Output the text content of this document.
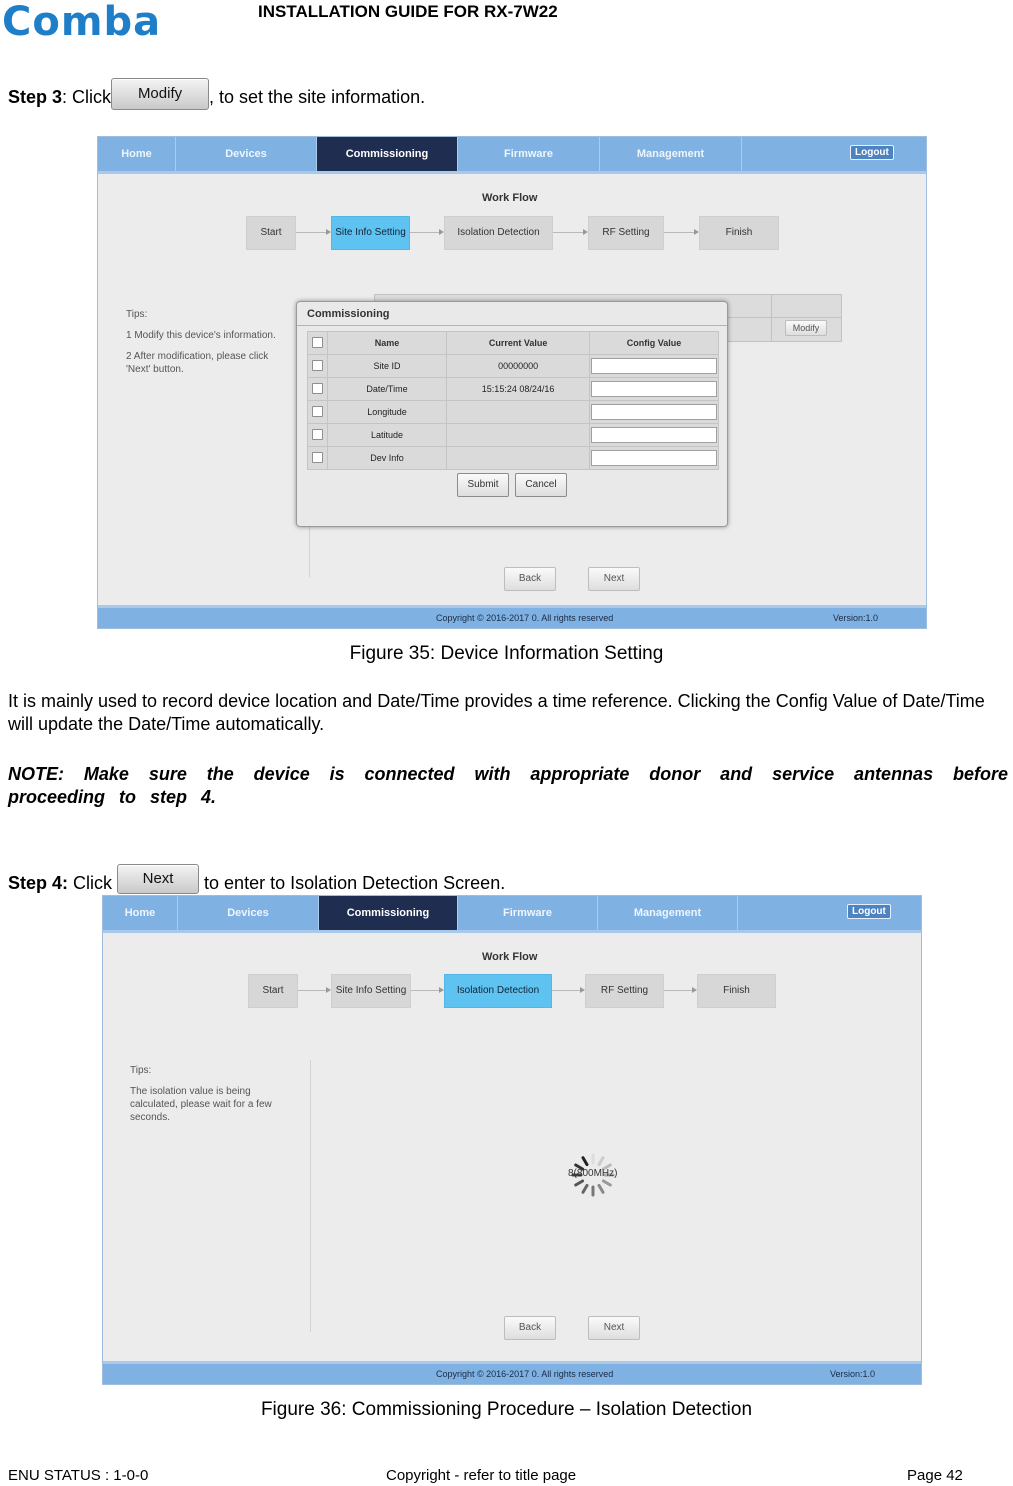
Comba	INSTALLATION GUIDE FOR RX-7W22
Step 3: Click Modify , to set the site information.
Home	Devices	Commissioning	Firmware	Management	Logout
Work Flow
Start	Site Info Setting	Isolation Detection	RF Setting	Finish
Tips:
1 Modify this device's information.
2 After modification, please click
'Next' button.
Modify
Commissioning
	Name	Current Value	Config Value
	Site ID	00000000	

	Date/Time	15:15:24 08/24/16	

	Longitude		

	Latitude		

	Dev Info		
Submit	Cancel
Back	Next
Copyright © 2016-2017 0. All rights reserved	Version:1.0
Figure 35: Device Information Setting
It is mainly used to record device location and Date/Time provides a time reference. Clicking the Config Value of Date/Time will update the Date/Time automatically.
NOTE: Make sure the device is connected with appropriate donor and service antennas before proceeding to step 4.
Step 4: Click Next to enter to Isolation Detection Screen.
Home	Devices	Commissioning	Firmware	Management	Logout
Work Flow
Start	Site Info Setting	Isolation Detection	RF Setting	Finish
Tips:
The isolation value is being
calculated, please wait for a few
seconds.
8(800MHz)
Back	Next
Copyright © 2016-2017 0. All rights reserved	Version:1.0
Figure 36: Commissioning Procedure – Isolation Detection
ENU STATUS : 1-0-0	Copyright - refer to title page	Page 42
